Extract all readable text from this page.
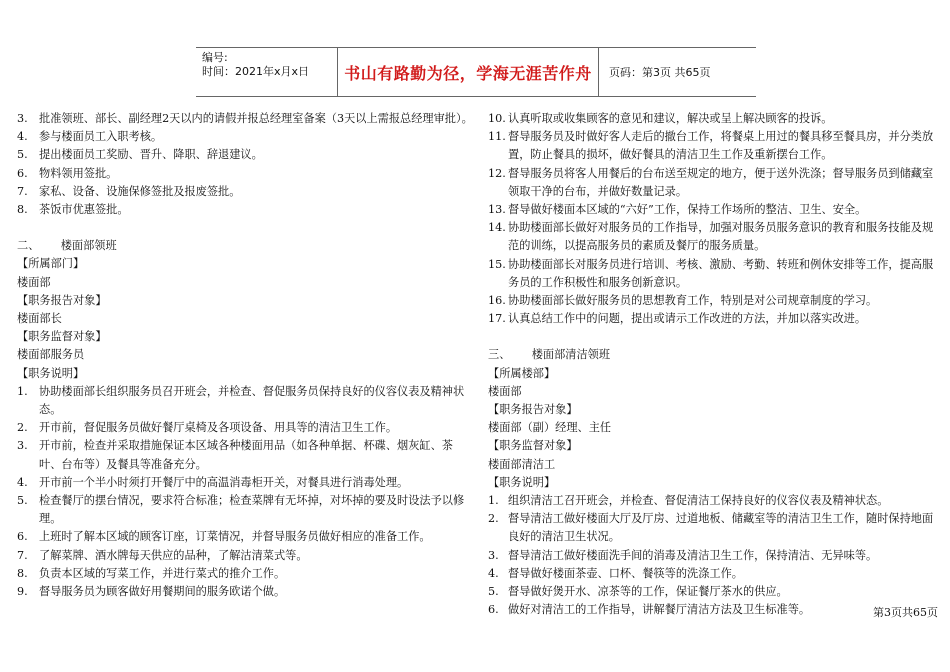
编号:
时间：2021年x月x日	书山有路勤为径，学海无涯苦作舟	页码：第3页 共65页
3.	批准领班、部长、副经理2天以内的请假并报总经理室备案（3天以上需报总经理审批）。
4.	参与楼面员工入职考核。
5.	提出楼面员工奖励、晋升、降职、辞退建议。
6.	物料领用签批。
7.	家私、设备、设施保修签批及报废签批。
8.	茶饭市优惠签批。
二、      楼面部领班
【所属部门】
楼面部
【职务报告对象】
楼面部长
【职务监督对象】
楼面部服务员
【职务说明】
1.	协助楼面部长组织服务员召开班会，并检查、督促服务员保持良好的仪容仪表及精神状态。
2.	开市前，督促服务员做好餐厅桌椅及各项设备、用具等的清洁卫生工作。
3.	开市前，检查并采取措施保证本区域各种楼面用品（如各种单据、杯碟、烟灰缸、茶叶、台布等）及餐具等准备充分。
4.	开市前一个半小时须打开餐厅中的高温消毒柜开关，对餐具进行消毒处理。
5.	检查餐厅的摆台情况，要求符合标准；检查菜牌有无坏掉，对坏掉的要及时设法予以修理。
6.	上班时了解本区域的顾客订座，订菜情况，并督导服务员做好相应的准备工作。
7.	了解菜牌、酒水牌每天供应的品种，了解沽清菜式等。
8.	负责本区域的写菜工作，并进行菜式的推介工作。
9.	督导服务员为顾客做好用餐期间的服务欧诺个做。
10. 认真听取或收集顾客的意见和建议，解决或呈上解决顾客的投诉。
11. 督导服务员及时做好客人走后的撤台工作，将餐桌上用过的餐具移至餐具房，并分类放置，防止餐具的损坏，做好餐具的清洁卫生工作及重新摆台工作。
12. 督导服务员将客人用餐后的台布送至规定的地方，便于送外洗涤；督导服务员到储藏室领取干净的台布，并做好数量记录。
13. 督导做好楼面本区域的“六好”工作，保持工作场所的整洁、卫生、安全。
14. 协助楼面部长做好对服务员的工作指导，加强对服务员服务意识的教育和服务技能及规范的训练，以提高服务员的素质及餐厅的服务质量。
15. 协助楼面部长对服务员进行培训、考核、激励、考勤、转班和例休安排等工作，提高服务员的工作积极性和服务创新意识。
16. 协助楼面部长做好服务员的思想教育工作，特别是对公司规章制度的学习。
17. 认真总结工作中的问题，提出或请示工作改进的方法，并加以落实改进。
三、      楼面部清洁领班
【所属楼部】
楼面部
【职务报告对象】
楼面部（副）经理、主任
【职务监督对象】
楼面部清洁工
【职务说明】
1. 组织清洁工召开班会，并检查、督促清洁工保持良好的仪容仪表及精神状态。
2. 督导清洁工做好楼面大厅及厅房、过道地板、储藏室等的清洁卫生工作，随时保持地面良好的清洁卫生状况。
3. 督导清洁工做好楼面洗手间的消毒及清洁卫生工作，保持清洁、无异味等。
4. 督导做好楼面茶壶、口杯、餐筷等的洗涤工作。
5. 督导做好煲开水、凉茶等的工作，保证餐厅茶水的供应。
6. 做好对清洁工的工作指导，讲解餐厅清洁方法及卫生标准等。	第3页共65页
